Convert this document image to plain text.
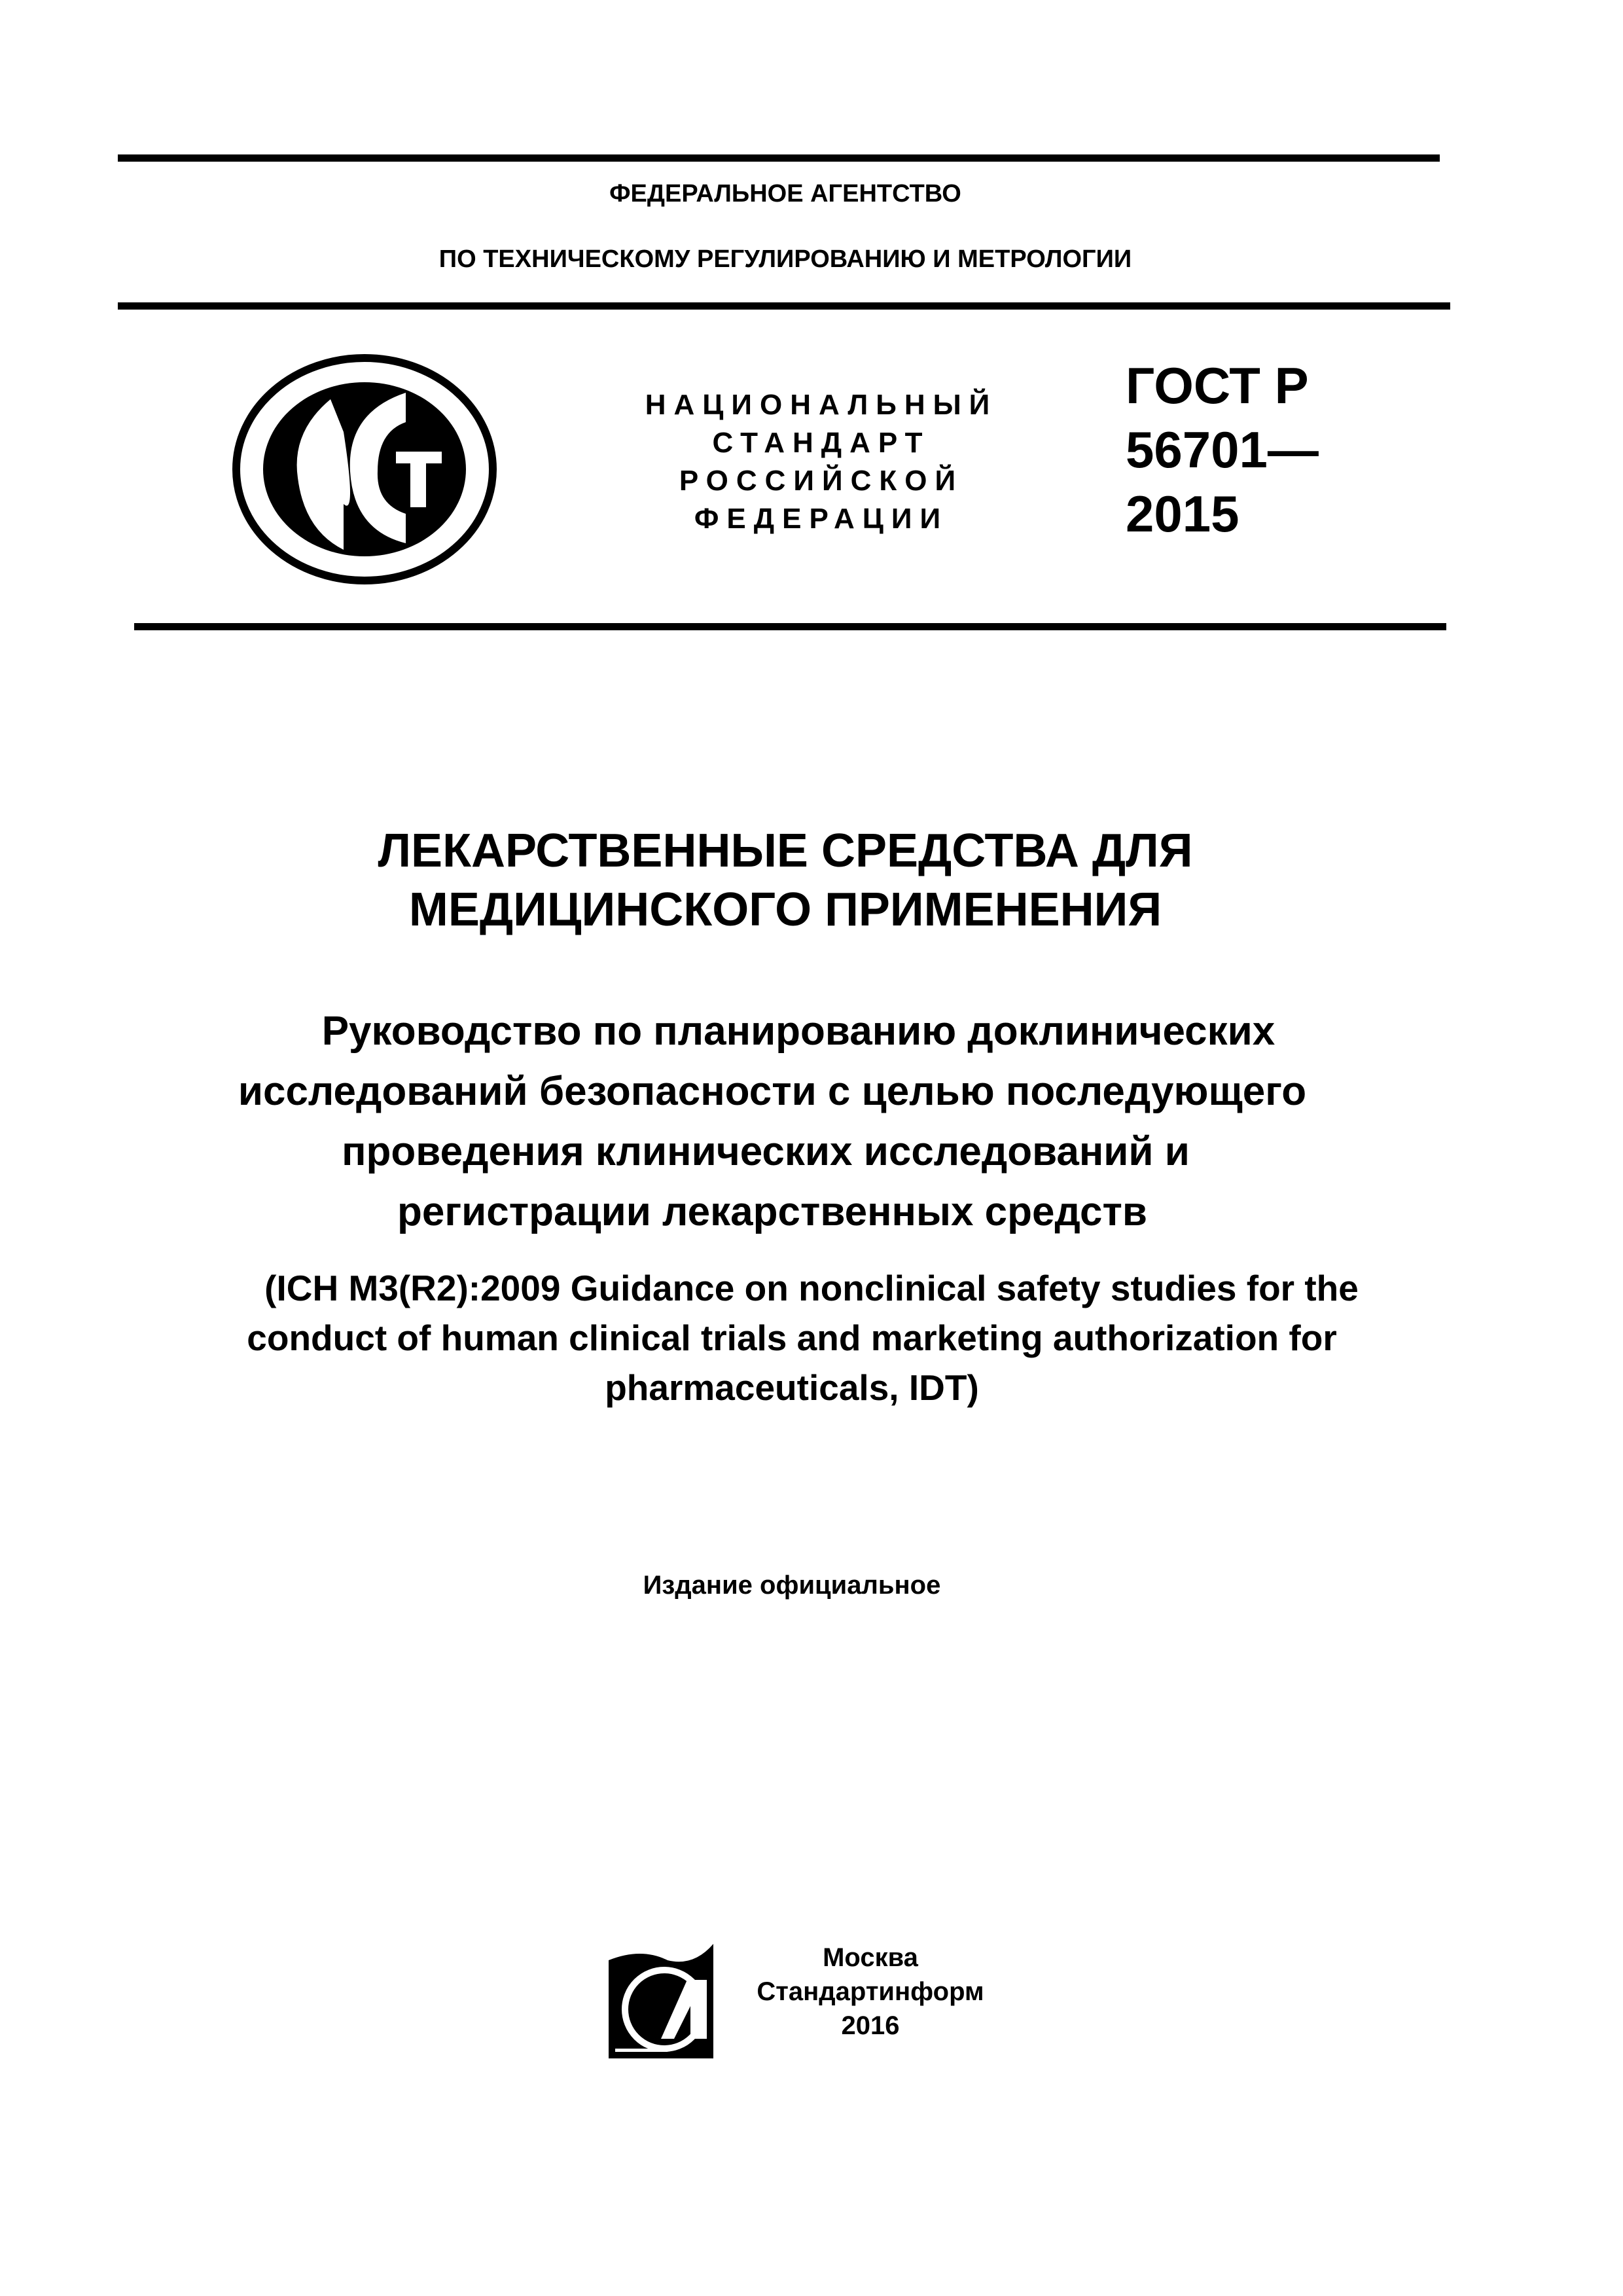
ФЕДЕРАЛЬНОЕ АГЕНТСТВО
ПО ТЕХНИЧЕСКОМУ РЕГУЛИРОВАНИЮ И МЕТРОЛОГИИ
НАЦИОНАЛЬНЫЙ
СТАНДАРТ
РОССИЙСКОЙ
ФЕДЕРАЦИИ
ГОСТ Р
56701—
2015
ЛЕКАРСТВЕННЫЕ СРЕДСТВА ДЛЯ
МЕДИЦИНСКОГО ПРИМЕНЕНИЯ
Руководство по планированию доклинических
исследований безопасности с целью последующего
проведения клинических исследований и
регистрации лекарственных средств
(ICH M3(R2):2009 Guidance on nonclinical safety studies for the
conduct of human clinical trials and marketing authorization for
pharmaceuticals, IDT)
Издание официальное
Москва
Стандартинформ
2016
